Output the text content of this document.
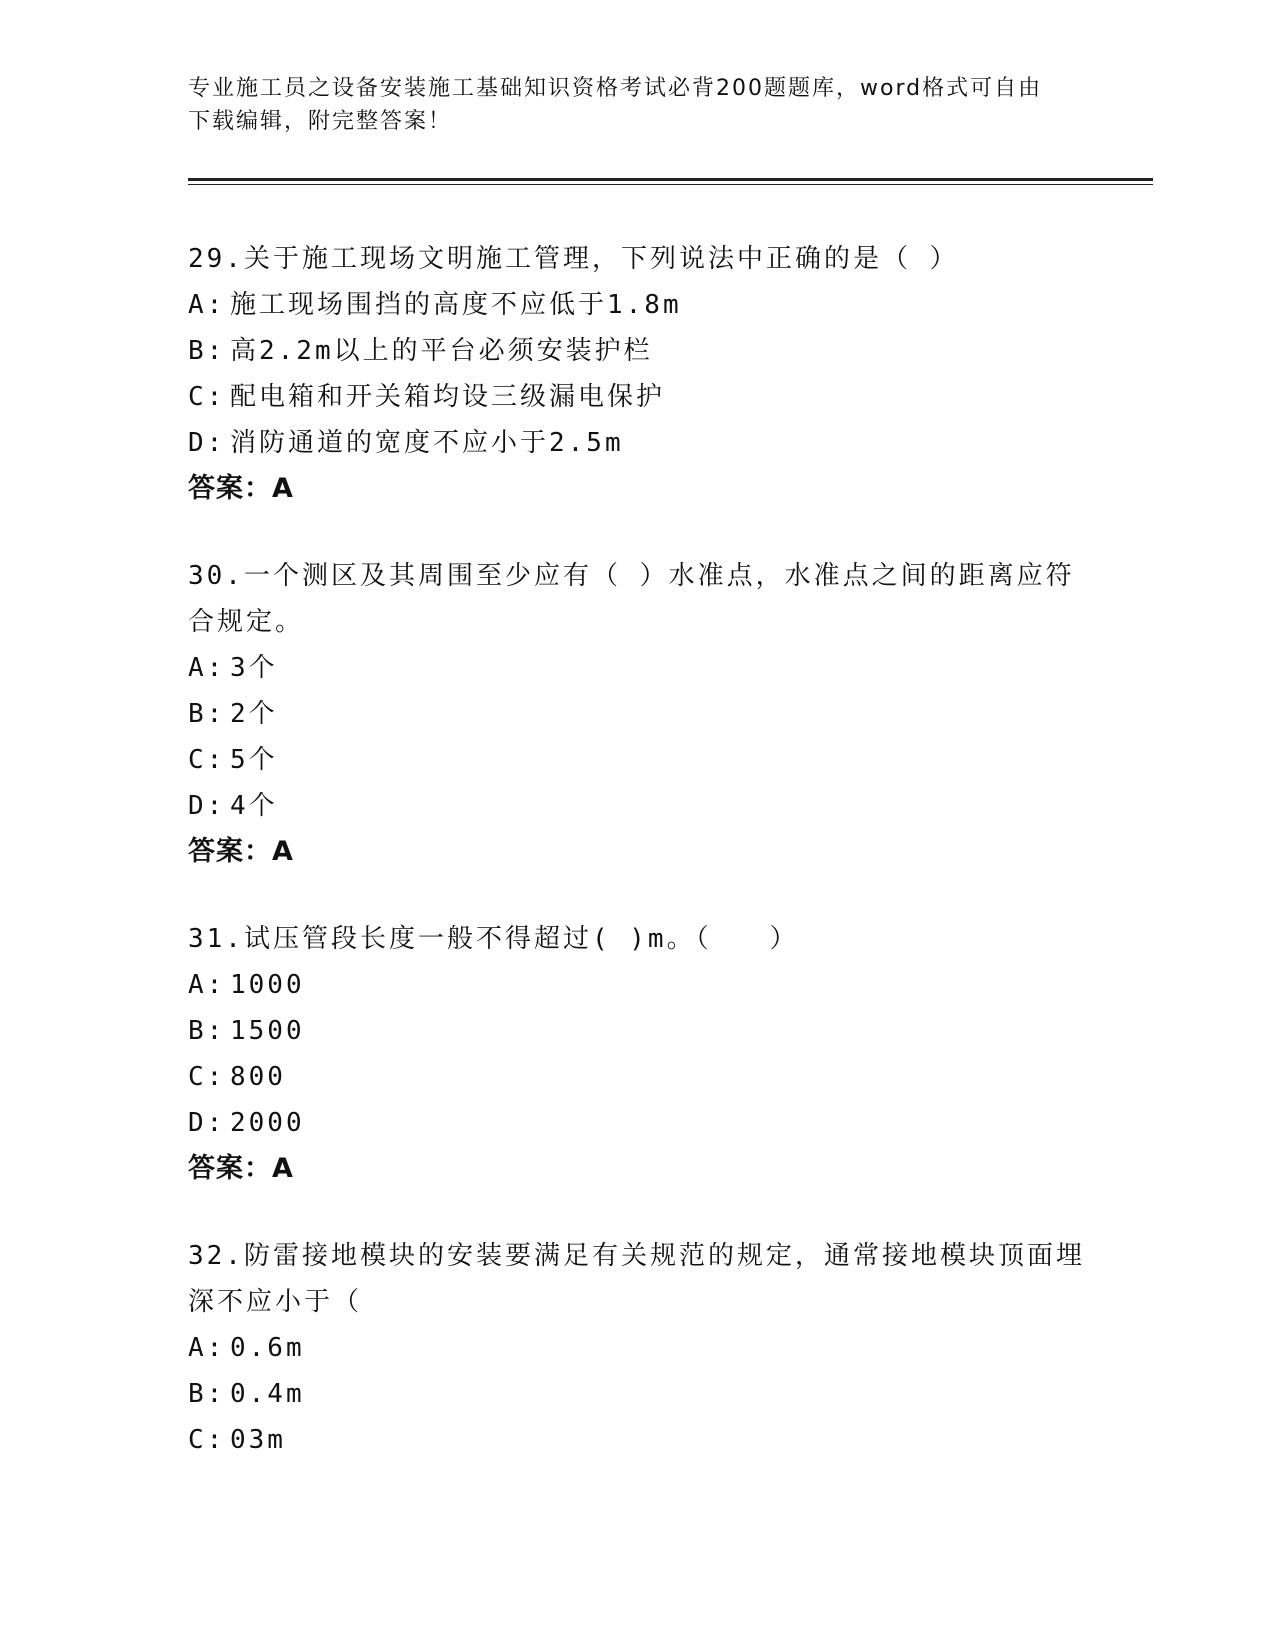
专业施工员之设备安装施工基础知识资格考试必背200题题库，word格式可自由
下载编辑，附完整答案！

29.关于施工现场文明施工管理，下列说法中正确的是（ ）

A: 施工现场围挡的高度不应低于1.8m
B: 高2.2m以上的平台必须安装护栏
C: 配电箱和开关箱均设三级漏电保护
D: 消防通道的宽度不应小于2.5m
答案：A

30.一个测区及其周围至少应有（ ）水准点，水准点之间的距离应符合规定。

A: 3个
B: 2个
C: 5个
D: 4个
答案：A

31.试压管段长度一般不得超过( )m。（　　）

A: 1000
B: 1500
C: 800
D: 2000
答案：A

32.防雷接地模块的安装要满足有关规范的规定，通常接地模块顶面埋深不应小于（

A: 0.6m
B: 0.4m
C: 03m
